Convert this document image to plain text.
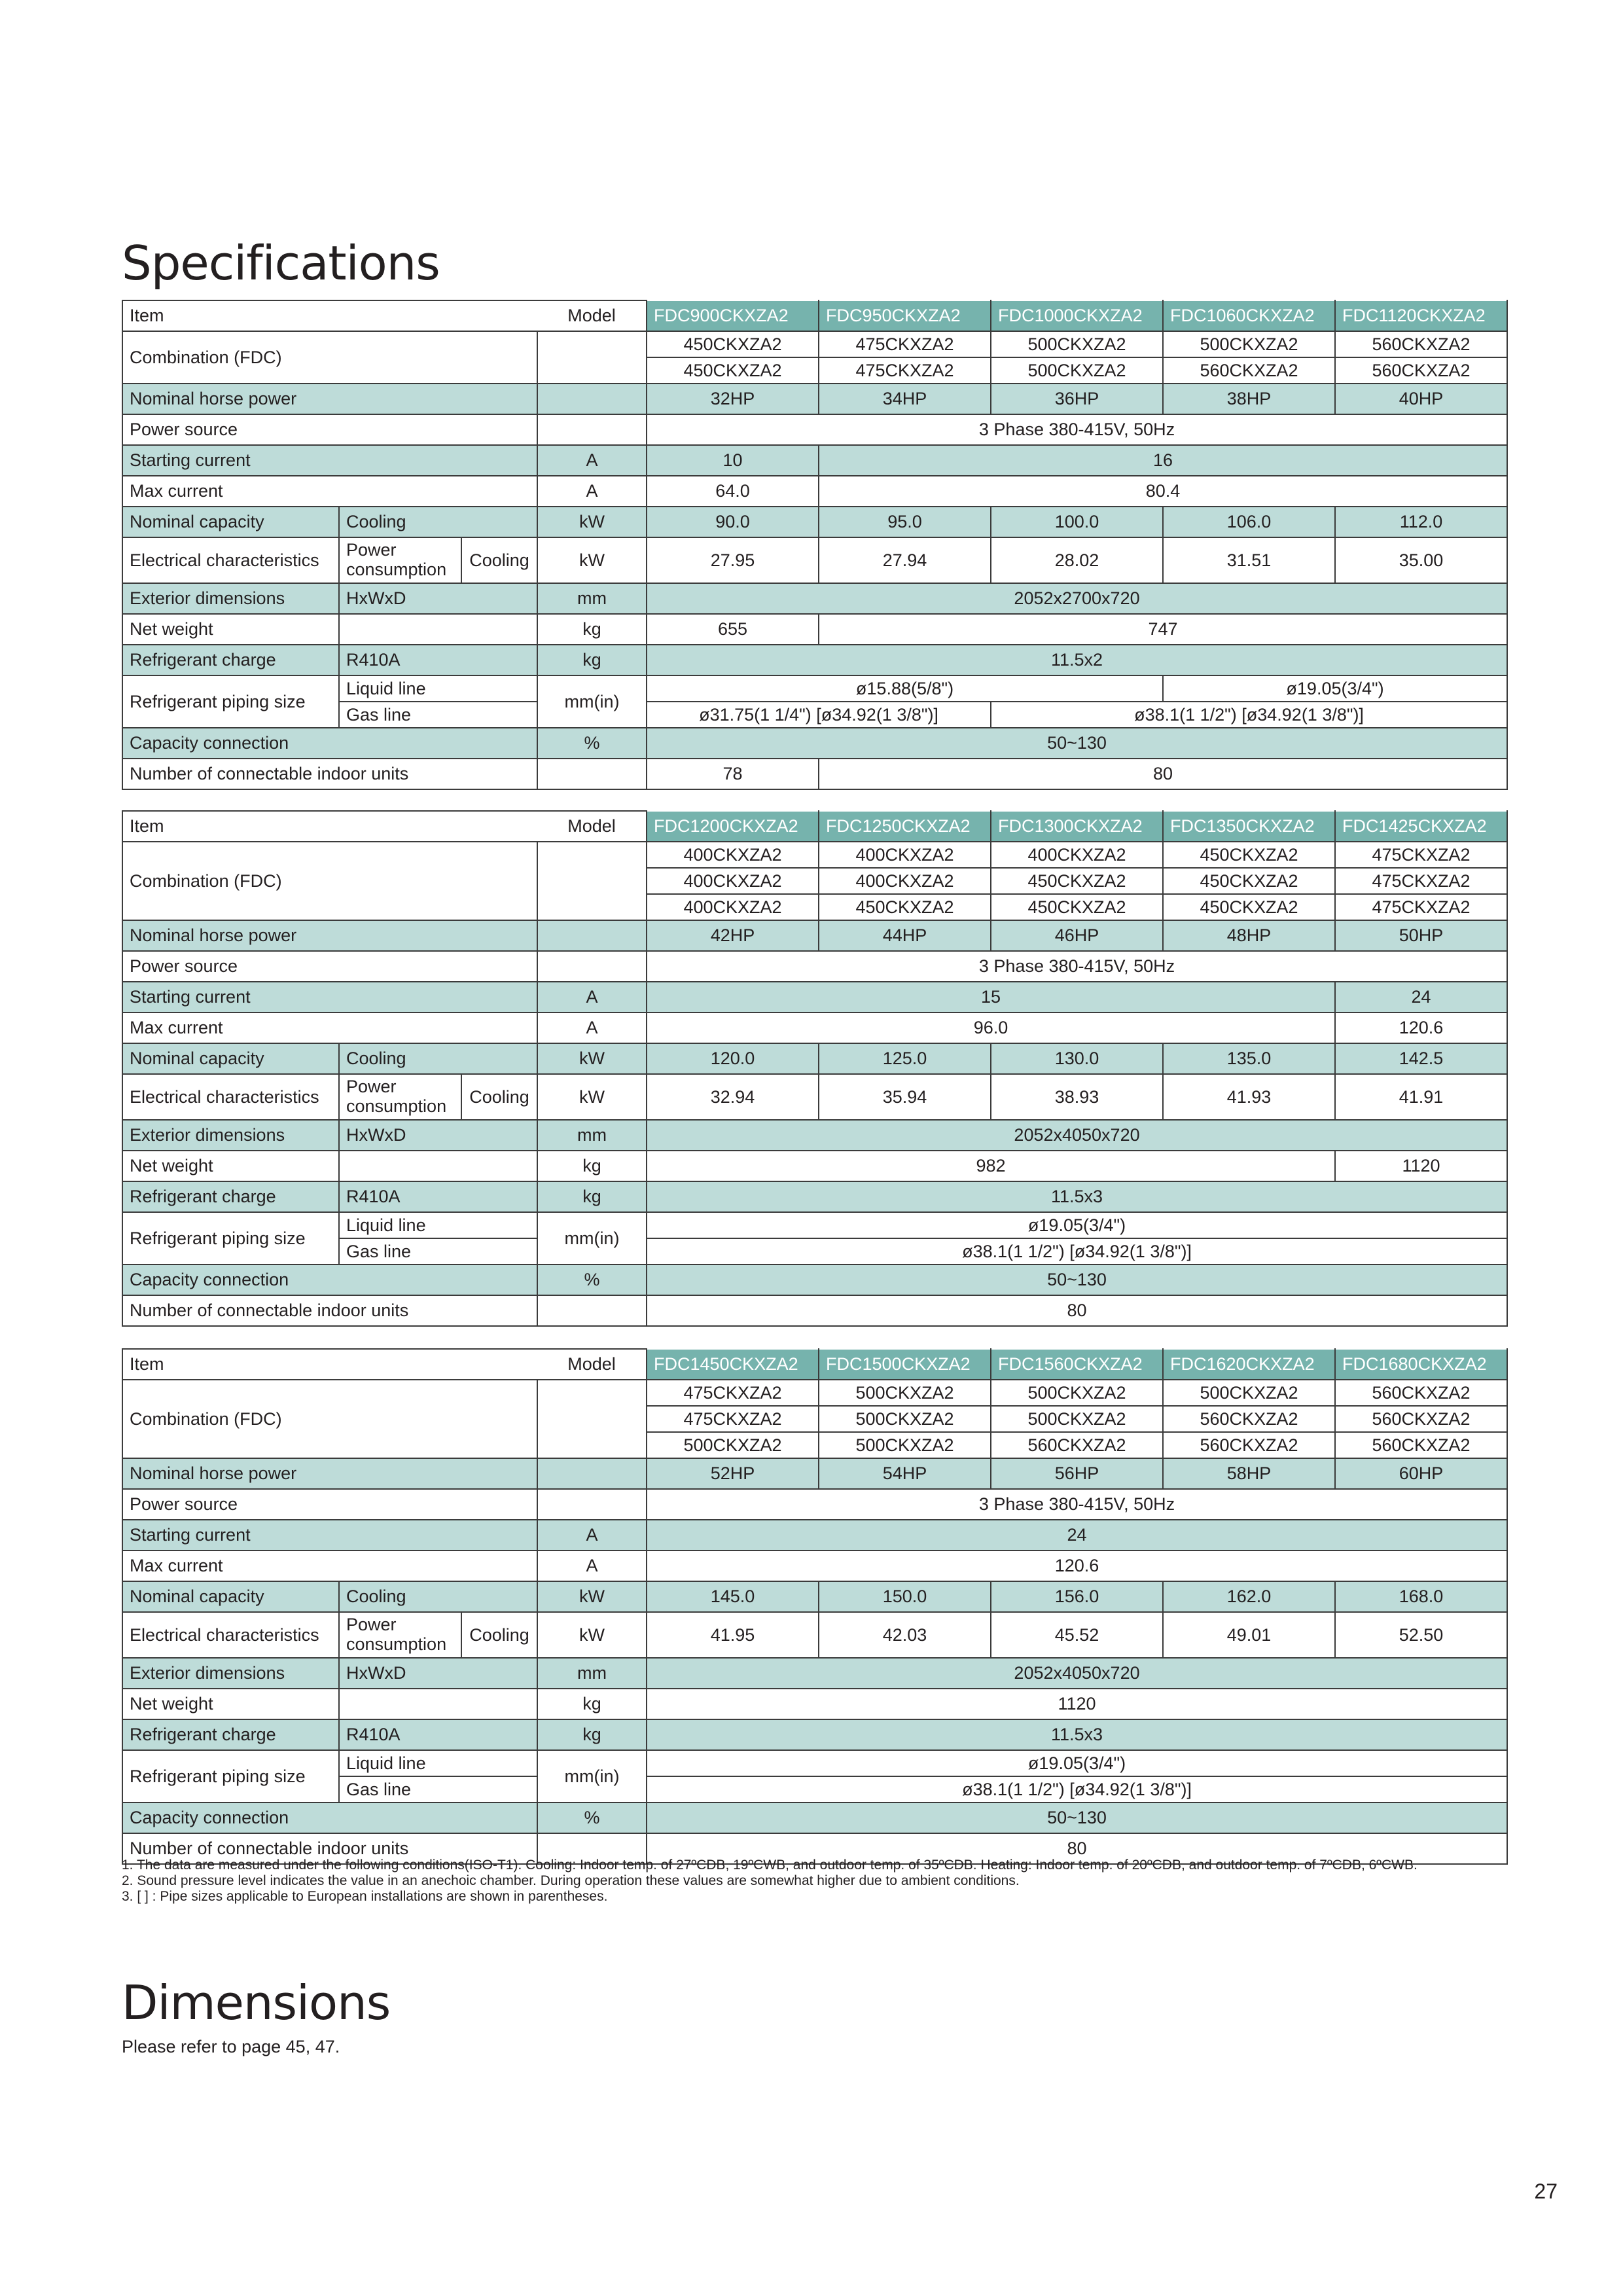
Specifications
Item			Model	FDC900CKXZA2	FDC950CKXZA2	FDC1000CKXZA2	FDC1060CKXZA2	FDC1120CKXZA2
Combination (FDC)				450CKXZA2	475CKXZA2	500CKXZA2	500CKXZA2	560CKXZA2
				450CKXZA2	475CKXZA2	500CKXZA2	560CKXZA2	560CKXZA2
Nominal horse power				32HP	34HP	36HP	38HP	40HP
Power source				3 Phase 380-415V, 50Hz				
Starting current			A	10	16			
Max current			A	64.0	80.4			
Nominal capacity	Cooling		kW	90.0	95.0	100.0	106.0	112.0
Electrical characteristics	Power consumption	Cooling	kW	27.95	27.94	28.02	31.51	35.00
Exterior dimensions	HxWxD		mm	2052x2700x720				
Net weight			kg	655	747			
Refrigerant charge	R410A		kg	11.5x2				
Refrigerant piping size	Liquid line		mm(in)	ø15.88(5/8")			ø19.05(3/4")	
	Gas line			ø31.75(1 1/4") [ø34.92(1 3/8")]		ø38.1(1 1/2") [ø34.92(1 3/8")]		
Capacity connection			%	50~130				
Number of connectable indoor units				78	80			
Item			Model	FDC1200CKXZA2	FDC1250CKXZA2	FDC1300CKXZA2	FDC1350CKXZA2	FDC1425CKXZA2
Combination (FDC)				400CKXZA2	400CKXZA2	400CKXZA2	450CKXZA2	475CKXZA2
				400CKXZA2	400CKXZA2	450CKXZA2	450CKXZA2	475CKXZA2
				400CKXZA2	450CKXZA2	450CKXZA2	450CKXZA2	475CKXZA2
Nominal horse power				42HP	44HP	46HP	48HP	50HP
Power source				3 Phase 380-415V, 50Hz				
Starting current			A	15				24
Max current			A	96.0				120.6
Nominal capacity	Cooling		kW	120.0	125.0	130.0	135.0	142.5
Electrical characteristics	Power consumption	Cooling	kW	32.94	35.94	38.93	41.93	41.91
Exterior dimensions	HxWxD		mm	2052x4050x720				
Net weight			kg	982				1120
Refrigerant charge	R410A		kg	11.5x3				
Refrigerant piping size	Liquid line		mm(in)	ø19.05(3/4")				
	Gas line			ø38.1(1 1/2") [ø34.92(1 3/8")]				
Capacity connection			%	50~130				
Number of connectable indoor units				80				
Item			Model	FDC1450CKXZA2	FDC1500CKXZA2	FDC1560CKXZA2	FDC1620CKXZA2	FDC1680CKXZA2
Combination (FDC)				475CKXZA2	500CKXZA2	500CKXZA2	500CKXZA2	560CKXZA2
				475CKXZA2	500CKXZA2	500CKXZA2	560CKXZA2	560CKXZA2
				500CKXZA2	500CKXZA2	560CKXZA2	560CKXZA2	560CKXZA2
Nominal horse power				52HP	54HP	56HP	58HP	60HP
Power source				3 Phase 380-415V, 50Hz				
Starting current			A	24				
Max current			A	120.6				
Nominal capacity	Cooling		kW	145.0	150.0	156.0	162.0	168.0
Electrical characteristics	Power consumption	Cooling	kW	41.95	42.03	45.52	49.01	52.50
Exterior dimensions	HxWxD		mm	2052x4050x720				
Net weight			kg	1120				
Refrigerant charge	R410A		kg	11.5x3				
Refrigerant piping size	Liquid line		mm(in)	ø19.05(3/4")				
	Gas line			ø38.1(1 1/2") [ø34.92(1 3/8")]				
Capacity connection			%	50~130				
Number of connectable indoor units				80				
1. The data are measured under the following conditions(ISO-T1). Cooling: Indoor temp. of 27ºCDB, 19ºCWB, and outdoor temp. of 35ºCDB. Heating: Indoor temp. of 20ºCDB, and outdoor temp. of 7ºCDB, 6ºCWB.
2. Sound pressure level indicates the value in an anechoic chamber. During operation these values are somewhat higher due to ambient conditions.
3. [ ] : Pipe sizes applicable to European installations are shown in parentheses.
Dimensions
Please refer to page 45, 47.
27
